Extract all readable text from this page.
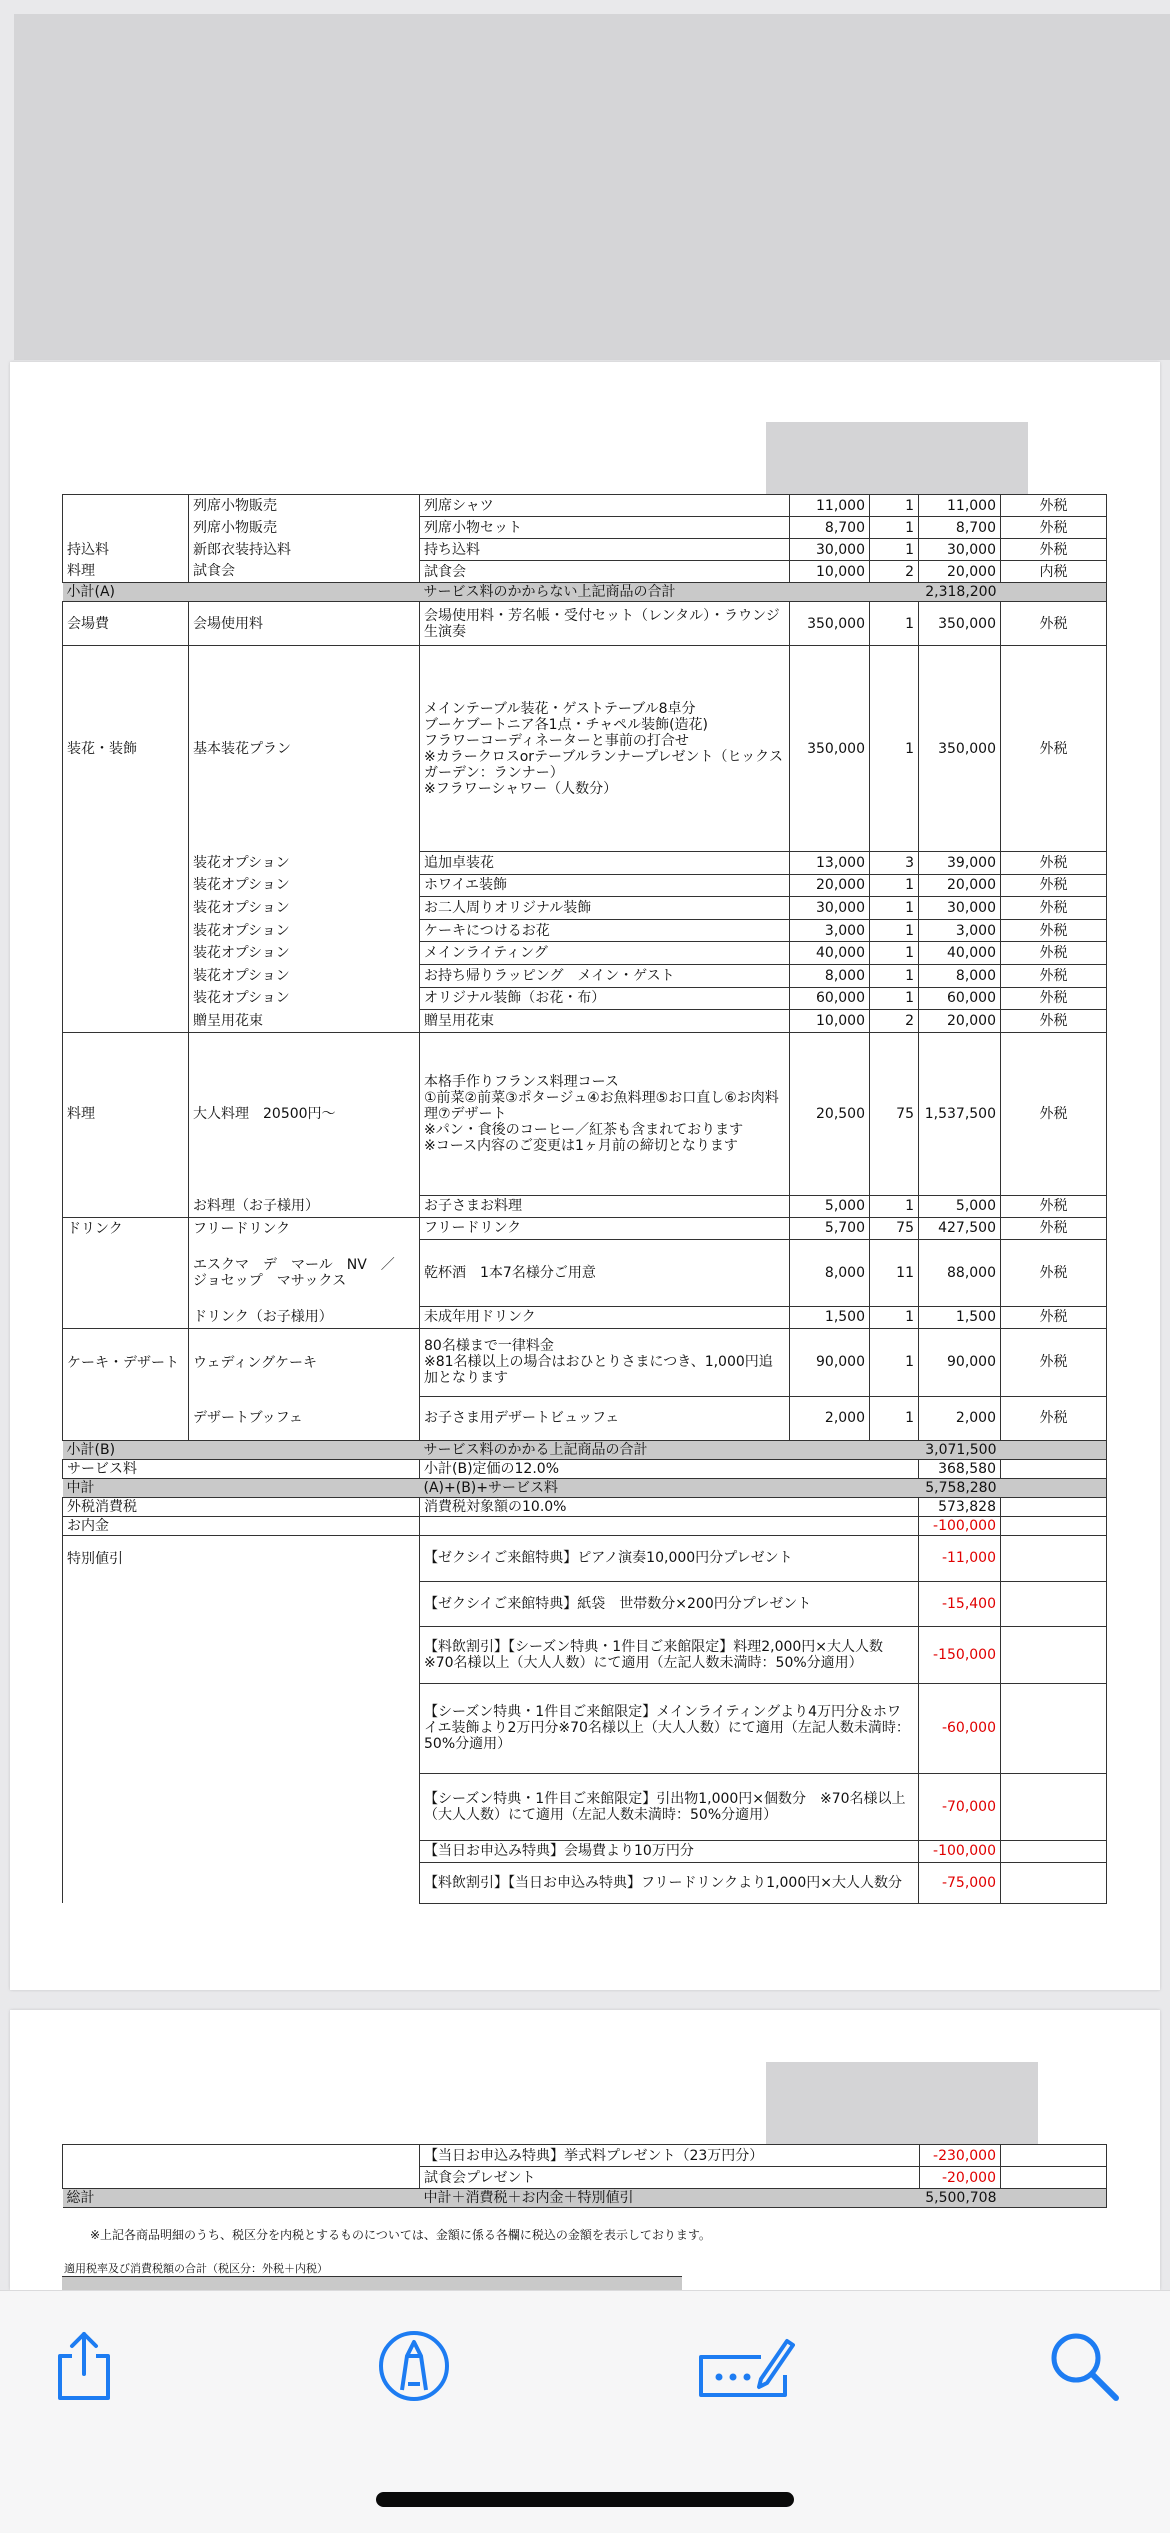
	列席小物販売	列席シャツ	11,000	1	11,000	外税
	列席小物販売	列席小物セット	8,700	1	8,700	外税
持込料	新郎衣装持込料	持ち込料	30,000	1	30,000	外税
料理	試食会	試食会	10,000	2	20,000	内税
小計(A)		サービス料のかからない上記商品の合計			2,318,200	
会場費	会場使用料	会場使用料・芳名帳・受付セット（レンタル）・ラウンジ生演奏	350,000	1	350,000	外税
装花・装飾	基本装花プラン	メインテーブル装花・ゲストテーブル8卓分
ブーケブートニア各1点・チャペル装飾(造花)
フラワーコーディネーターと事前の打合せ
※カラークロスorテーブルランナープレゼント（ヒックスガーデン：ランナー）
※フラワーシャワー（人数分）	350,000	1	350,000	外税
	装花オプション	追加卓装花	13,000	3	39,000	外税
	装花オプション	ホワイエ装飾	20,000	1	20,000	外税
	装花オプション	お二人周りオリジナル装飾	30,000	1	30,000	外税
	装花オプション	ケーキにつけるお花	3,000	1	3,000	外税
	装花オプション	メインライティング	40,000	1	40,000	外税
	装花オプション	お持ち帰りラッピング　メイン・ゲスト	8,000	1	8,000	外税
	装花オプション	オリジナル装飾（お花・布）	60,000	1	60,000	外税
	贈呈用花束	贈呈用花束	10,000	2	20,000	外税
料理	大人料理　20500円～	本格手作りフランス料理コース
①前菜②前菜③ポタージュ④お魚料理⑤お口直し⑥お肉料理⑦デザート
※パン・食後のコーヒー／紅茶も含まれております
※コース内容のご変更は1ヶ月前の締切となります	20,500	75	1,537,500	外税
	お料理（お子様用）	お子さまお料理	5,000	1	5,000	外税
ドリンク	フリードリンク	フリードリンク	5,700	75	427,500	外税
	エスクマ　デ　マール　NV　／
ジョセップ　マサックス	乾杯酒　1本7名様分ご用意	8,000	11	88,000	外税
	ドリンク（お子様用）	未成年用ドリンク	1,500	1	1,500	外税
ケーキ・デザート	ウェディングケーキ	80名様まで一律料金
※81名様以上の場合はおひとりさまにつき、1,000円追加となります	90,000	1	90,000	外税
	デザートブッフェ	お子さま用デザートビュッフェ	2,000	1	2,000	外税
小計(B)		サービス料のかかる上記商品の合計			3,071,500	
サービス料		小計(B)定価の12.0%			368,580	
中計		(A)+(B)+サービス料			5,758,280	
外税消費税		消費税対象額の10.0%			573,828	
お内金					-100,000	
特別値引		【ゼクシイご来館特典】ピアノ演奏10,000円分プレゼント			-11,000	
		【ゼクシイご来館特典】紙袋　世帯数分×200円分プレゼント			-15,400	
		【料飲割引】【シーズン特典・1件目ご来館限定】料理2,000円×大人人数
※70名様以上（大人人数）にて適用（左記人数未満時：50%分適用）			-150,000	
		【シーズン特典・1件目ご来館限定】メインライティングより4万円分＆ホワイエ装飾より2万円分※70名様以上（大人人数）にて適用（左記人数未満時：50%分適用）			-60,000	
		【シーズン特典・1件目ご来館限定】引出物1,000円×個数分　※70名様以上（大人人数）にて適用（左記人数未満時：50%分適用）			-70,000	
		【当日お申込み特典】会場費より10万円分			-100,000	
		【料飲割引】【当日お申込み特典】フリードリンクより1,000円×大人人数分			-75,000	
	【当日お申込み特典】挙式料プレゼント（23万円分）	-230,000	
	試食会プレゼント	-20,000	
総計	中計＋消費税＋お内金＋特別値引	5,500,708	
※上記各商品明細のうち、税区分を内税とするものについては、金額に係る各欄に税込の金額を表示しております。
適用税率及び消費税額の合計（税区分：外税＋内税）
